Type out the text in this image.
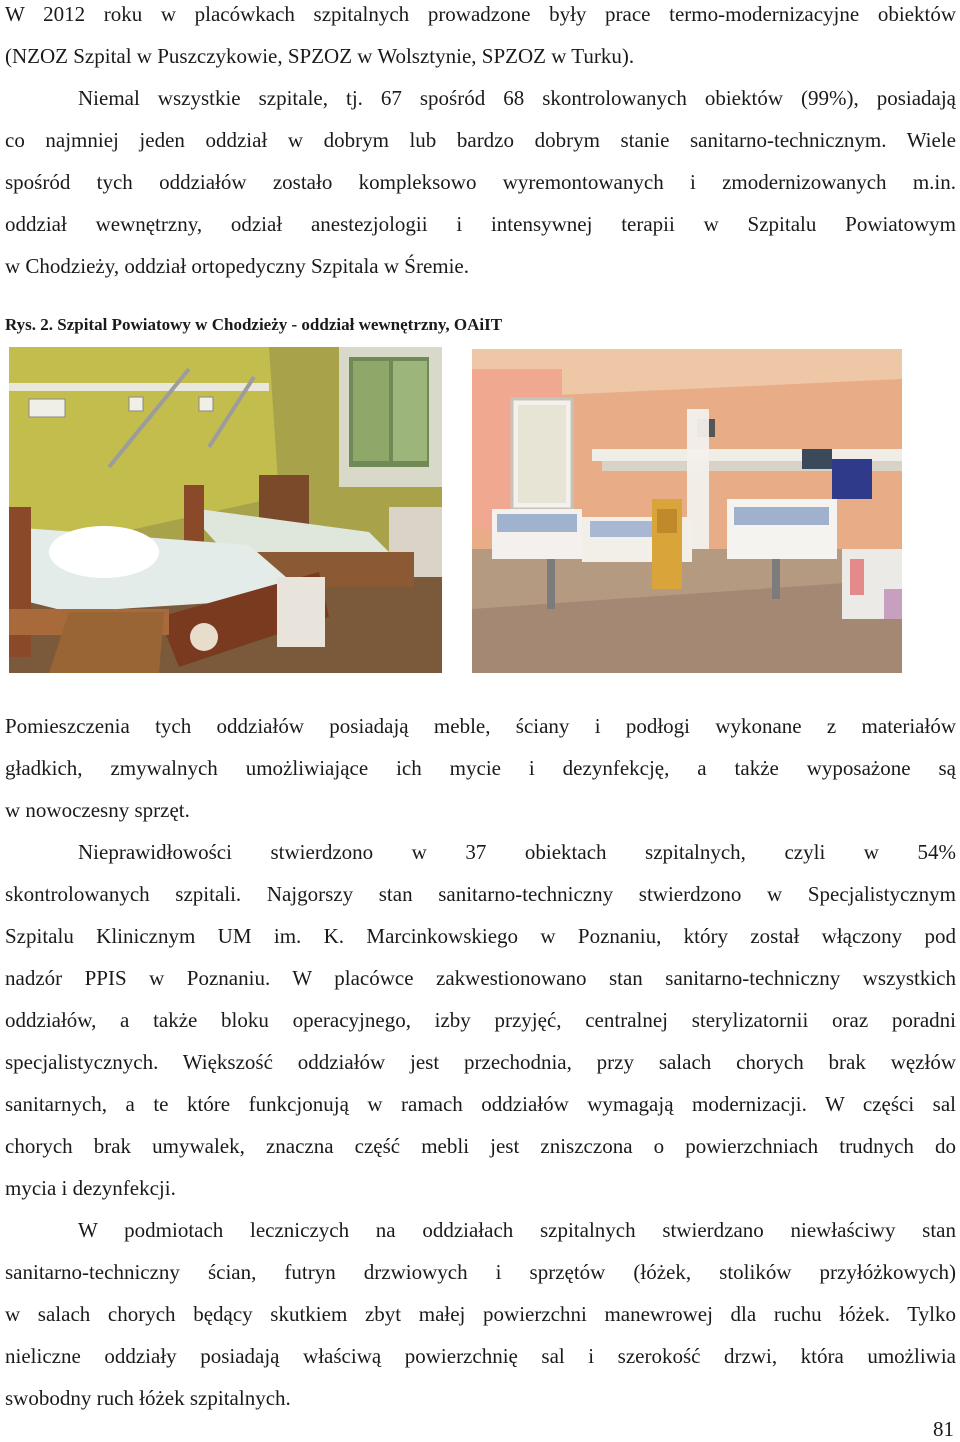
W 2012 roku w placówkach szpitalnych prowadzone były prace termo-modernizacyjne obiektów
(NZOZ Szpital w Puszczykowie, SPZOZ w Wolsztynie, SPZOZ w Turku).
Niemal wszystkie szpitale, tj. 67 spośród 68 skontrolowanych obiektów (99%), posiadają
co najmniej jeden oddział w dobrym lub bardzo dobrym stanie sanitarno-technicznym. Wiele
spośród tych oddziałów zostało kompleksowo wyremontowanych i zmodernizowanych m.in.
oddział wewnętrzny, odział anestezjologii i intensywnej terapii w Szpitalu Powiatowym
w Chodzieży, oddział ortopedyczny Szpitala w Śremie.
Rys. 2. Szpital Powiatowy w Chodzieży - oddział wewnętrzny, OAiIT
Pomieszczenia tych oddziałów posiadają meble, ściany i podłogi wykonane z materiałów
gładkich, zmywalnych umożliwiające ich mycie i dezynfekcję, a także wyposażone są
w nowoczesny sprzęt.
Nieprawidłowości stwierdzono w 37 obiektach szpitalnych, czyli w 54%
skontrolowanych szpitali. Najgorszy stan sanitarno-techniczny stwierdzono w Specjalistycznym
Szpitalu Klinicznym UM im. K. Marcinkowskiego w Poznaniu, który został włączony pod
nadzór PPIS w Poznaniu. W placówce zakwestionowano stan sanitarno-techniczny wszystkich
oddziałów, a także bloku operacyjnego, izby przyjęć, centralnej sterylizatornii oraz poradni
specjalistycznych. Większość oddziałów jest przechodnia, przy salach chorych brak węzłów
sanitarnych, a te które funkcjonują w ramach oddziałów wymagają modernizacji. W części sal
chorych brak umywalek, znaczna część mebli jest zniszczona o powierzchniach trudnych do
mycia i dezynfekcji.
W podmiotach leczniczych na oddziałach szpitalnych stwierdzano niewłaściwy stan
sanitarno-techniczny ścian, futryn drzwiowych i sprzętów (łóżek, stolików przyłóżkowych)
w salach chorych będący skutkiem zbyt małej powierzchni manewrowej dla ruchu łóżek. Tylko
nieliczne oddziały posiadają właściwą powierzchnię sal i szerokość drzwi, która umożliwia
swobodny ruch łóżek szpitalnych.
81
